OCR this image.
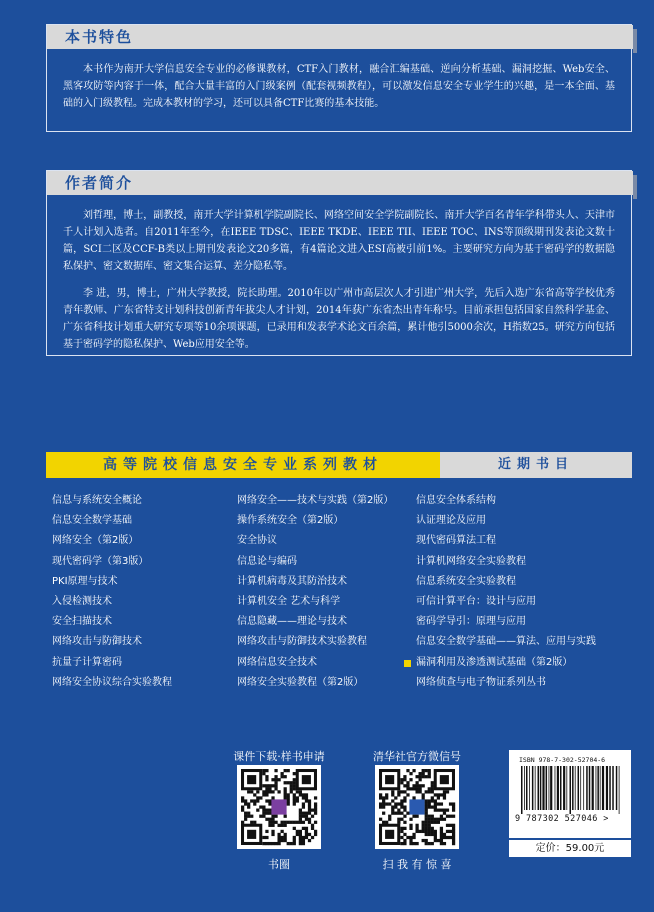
本书特色

本书作为南开大学信息安全专业的必修课教材，CTF入门教材，融合汇编基础、逆向分析基础、漏洞挖掘、Web安全、黑客攻防等内容于一体，配合大量丰富的入门级案例（配套视频教程），可以激发信息安全专业学生的兴趣，是一本全面、基础的入门级教程。完成本教材的学习，还可以具备CTF比赛的基本技能。

作者简介

刘哲理，博士，副教授，南开大学计算机学院副院长、网络空间安全学院副院长、南开大学百名青年学科带头人、天津市千人计划入选者。自2011年至今，在IEEE TDSC、IEEE TKDE、IEEE TII、IEEE TOC、INS等顶级期刊发表论文数十篇，SCI二区及CCF-B类以上期刊发表论文20多篇，有4篇论文进入ESI高被引前1%。主要研究方向为基于密码学的数据隐私保护、密文数据库、密文集合运算、差分隐私等。

李 进，男，博士，广州大学教授，院长助理。2010年以广州市高层次人才引进广州大学，先后入选广东省高等学校优秀青年教师、广东省特支计划科技创新青年拔尖人才计划，2014年获广东省杰出青年称号。目前承担包括国家自然科学基金、广东省科技计划重大研究专项等10余项课题，已录用和发表学术论文百余篇，累计他引5000余次，H指数25。研究方向包括基于密码学的隐私保护、Web应用安全等。

高等院校信息安全专业系列教材	近期书目
信息与系统安全概论
信息安全数学基础
网络安全（第2版）
现代密码学（第3版）
PKI原理与技术
入侵检测技术
安全扫描技术
网络攻击与防御技术
抗量子计算密码
网络安全协议综合实验教程
网络安全——技术与实践（第2版）
操作系统安全（第2版）
安全协议
信息论与编码
计算机病毒及其防治技术
计算机安全 艺术与科学
信息隐藏——理论与技术
网络攻击与防御技术实验教程
网络信息安全技术
网络安全实验教程（第2版）
信息安全体系结构
认证理论及应用
现代密码算法工程
计算机网络安全实验教程
信息系统安全实验教程
可信计算平台：设计与应用
密码学导引：原理与应用
信息安全数学基础——算法、应用与实践
漏洞利用及渗透测试基础（第2版）
网络侦查与电子物证系列丛书
课件下载·样书申请
书圈
清华社官方微信号
扫 我 有 惊 喜
ISBN 978-7-302-52704-6
9 787302 527046 >
定价：59.00元
